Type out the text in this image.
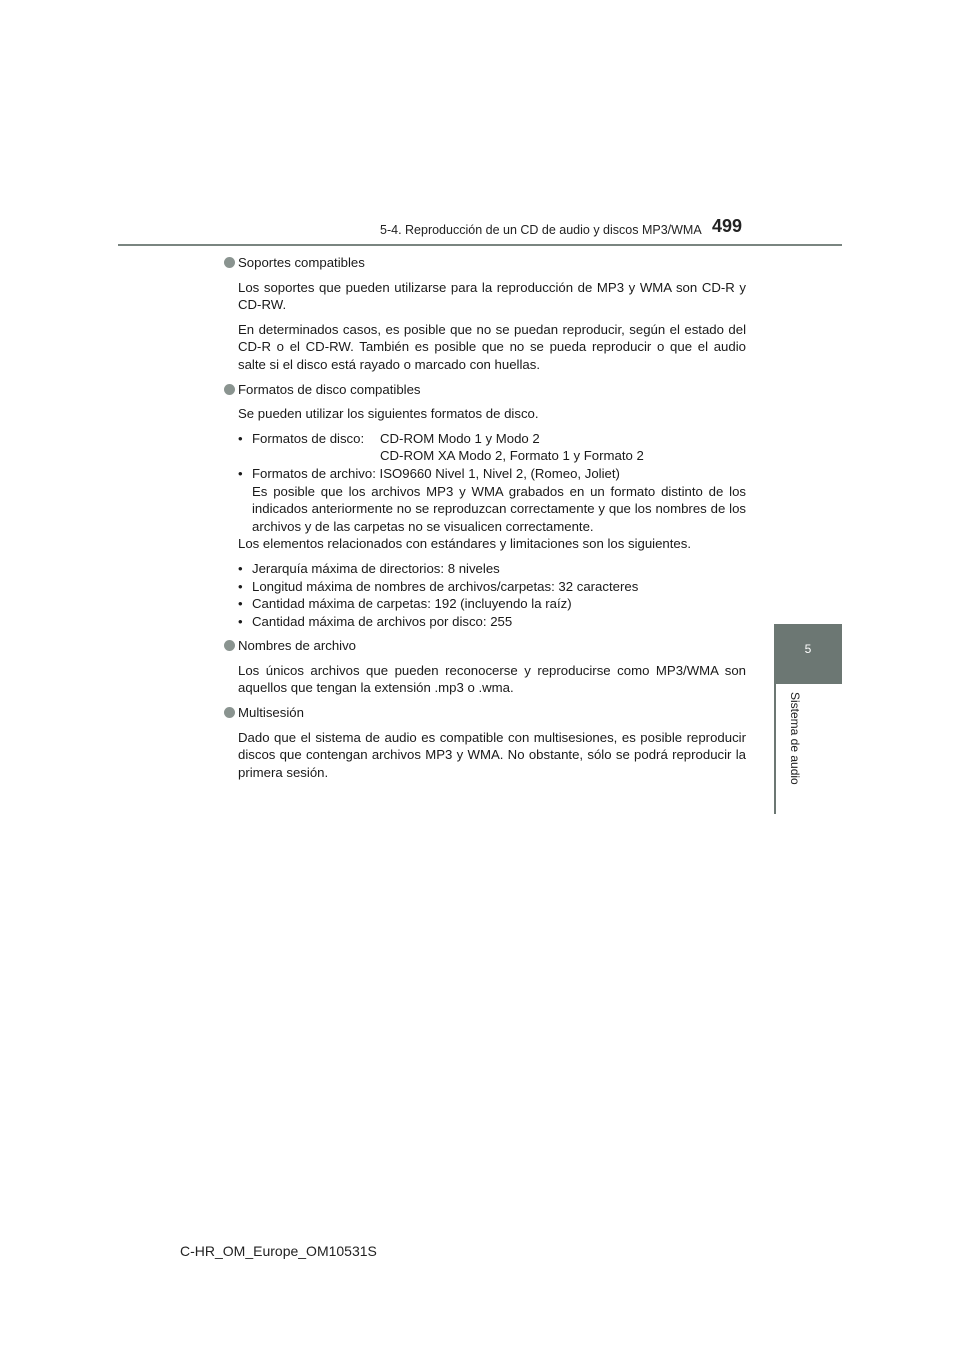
5-4. Reproducción de un CD de audio y discos MP3/WMA 499
5
Sistema de audio
Soportes compatibles

Los soportes que pueden utilizarse para la reproducción de MP3 y WMA son CD-R y CD-RW.

En determinados casos, es posible que no se puedan reproducir, según el estado del CD-R o el CD-RW. También es posible que no se pueda reproducir o que el audio salte si el disco está rayado o marcado con huellas.

Formatos de disco compatibles

Se pueden utilizar los siguientes formatos de disco.

• Formatos de disco:	CD-ROM Modo 1 y Modo 2
CD-ROM XA Modo 2, Formato 1 y Formato 2
• Formatos de archivo: ISO9660 Nivel 1, Nivel 2, (Romeo, Joliet)
Es posible que los archivos MP3 y WMA grabados en un formato distinto de los indicados anteriormente no se reproduzcan correctamente y que los nombres de los archivos y de las carpetas no se visualicen correctamente.

Los elementos relacionados con estándares y limitaciones son los siguientes.

• Jerarquía máxima de directorios: 8 niveles
• Longitud máxima de nombres de archivos/carpetas: 32 caracteres
• Cantidad máxima de carpetas: 192 (incluyendo la raíz)
• Cantidad máxima de archivos por disco: 255
Nombres de archivo

Los únicos archivos que pueden reconocerse y reproducirse como MP3/WMA son aquellos que tengan la extensión .mp3 o .wma.

Multisesión

Dado que el sistema de audio es compatible con multisesiones, es posible reproducir discos que contengan archivos MP3 y WMA. No obstante, sólo se podrá reproducir la primera sesión.

C-HR_OM_Europe_OM10531S
